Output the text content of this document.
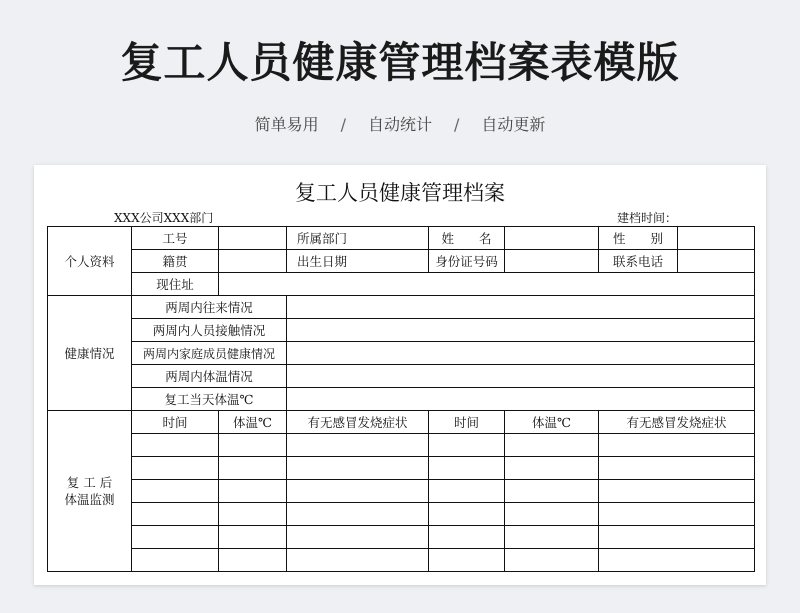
复工人员健康管理档案表模版
简单易用 / 自动统计 / 自动更新
复工人员健康管理档案
XXX公司XXX部门	建档时间：
个人资料	工号		所属部门	姓　　名		性　　别	
	籍贯		出生日期	身份证号码		联系电话	
	现住址						
健康情况	两周内往来情况						
	两周内人员接触情况						
	两周内家庭成员健康情况						
	两周内体温情况						
	复工当天体温℃						

复 工 后
体温监测	时间	体温℃	有无感冒发烧症状	时间	体温℃	有无感冒发烧症状	
